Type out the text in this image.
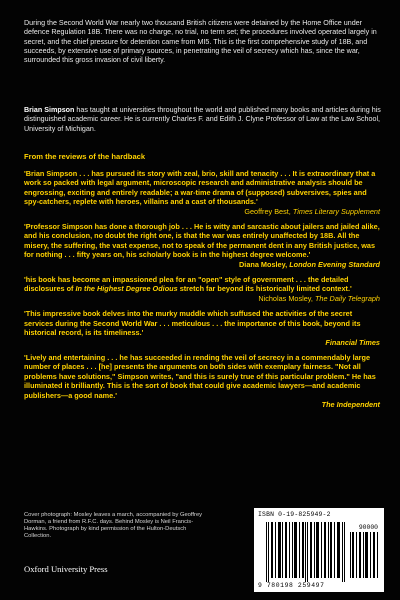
During the Second World War nearly two thousand British citizens were detained by the Home Office under defence Regulation 18B. There was no charge, no trial, no term set; the procedures involved operated largely in secret, and the chief pressure for detention came from MI5. This is the first comprehensive study of 18B, and succeeds, by extensive use of primary sources, in penetrating the veil of secrecy which has, since the war, surrounded this gross invasion of civil liberty.

Brian Simpson has taught at universities throughout the world and published many books and articles during his distinguished academic career. He is currently Charles F. and Edith J. Clyne Professor of Law at the Law School, University of Michigan.

From the reviews of the hardback

'Brian Simpson . . . has pursued its story with zeal, brio, skill and tenacity . . . It is extraordinary that a work so packed with legal argument, microscopic research and administrative analysis should be engrossing, exciting and entirely readable; a war-time drama of (supposed) subversives, spies and spy-catchers, replete with heroes, villains and a cast of thousands.'
Geoffrey Best, Times Literary Supplement

'Professor Simpson has done a thorough job . . . He is witty and sarcastic about jailers and jailed alike, and his conclusion, no doubt the right one, is that the war was entirely unaffected by 18B. All the misery, the suffering, the vast expense, not to speak of the permanent dent in any British justice, was for nothing . . . fifty years on, his scholarly book is in the highest degree welcome.'

Diana Mosley, London Evening Standard

'his book has become an impassioned plea for an "open" style of government . . . the detailed disclosures of In the Highest Degree Odious stretch far beyond its historically limited context.'
Nicholas Mosley, The Daily Telegraph

'This impressive book delves into the murky muddle which suffused the activities of the secret services during the Second World War . . . meticulous . . . the importance of this book, beyond its historical record, is its timeliness.'

Financial Times

'Lively and entertaining . . . he has succeeded in rending the veil of secrecy in a commendably large number of places . . . [he] presents the arguments on both sides with exemplary fairness. "Not all problems have solutions," Simpson writes, "and this is surely true of this particular problem." He has illuminated it brilliantly. This is the sort of book that could give academic lawyers—and academic publishers—a good name.'

The Independent

Cover photograph: Mosley leaves a march, accompanied by Geoffrey Dorman, a friend from R.F.C. days. Behind Mosley is Neil Francis-Hawkins. Photograph by kind permission of the Hulton-Deutsch Collection.

Oxford University Press
ISBN 0-19-825949-2
90000
9 780198 259497
